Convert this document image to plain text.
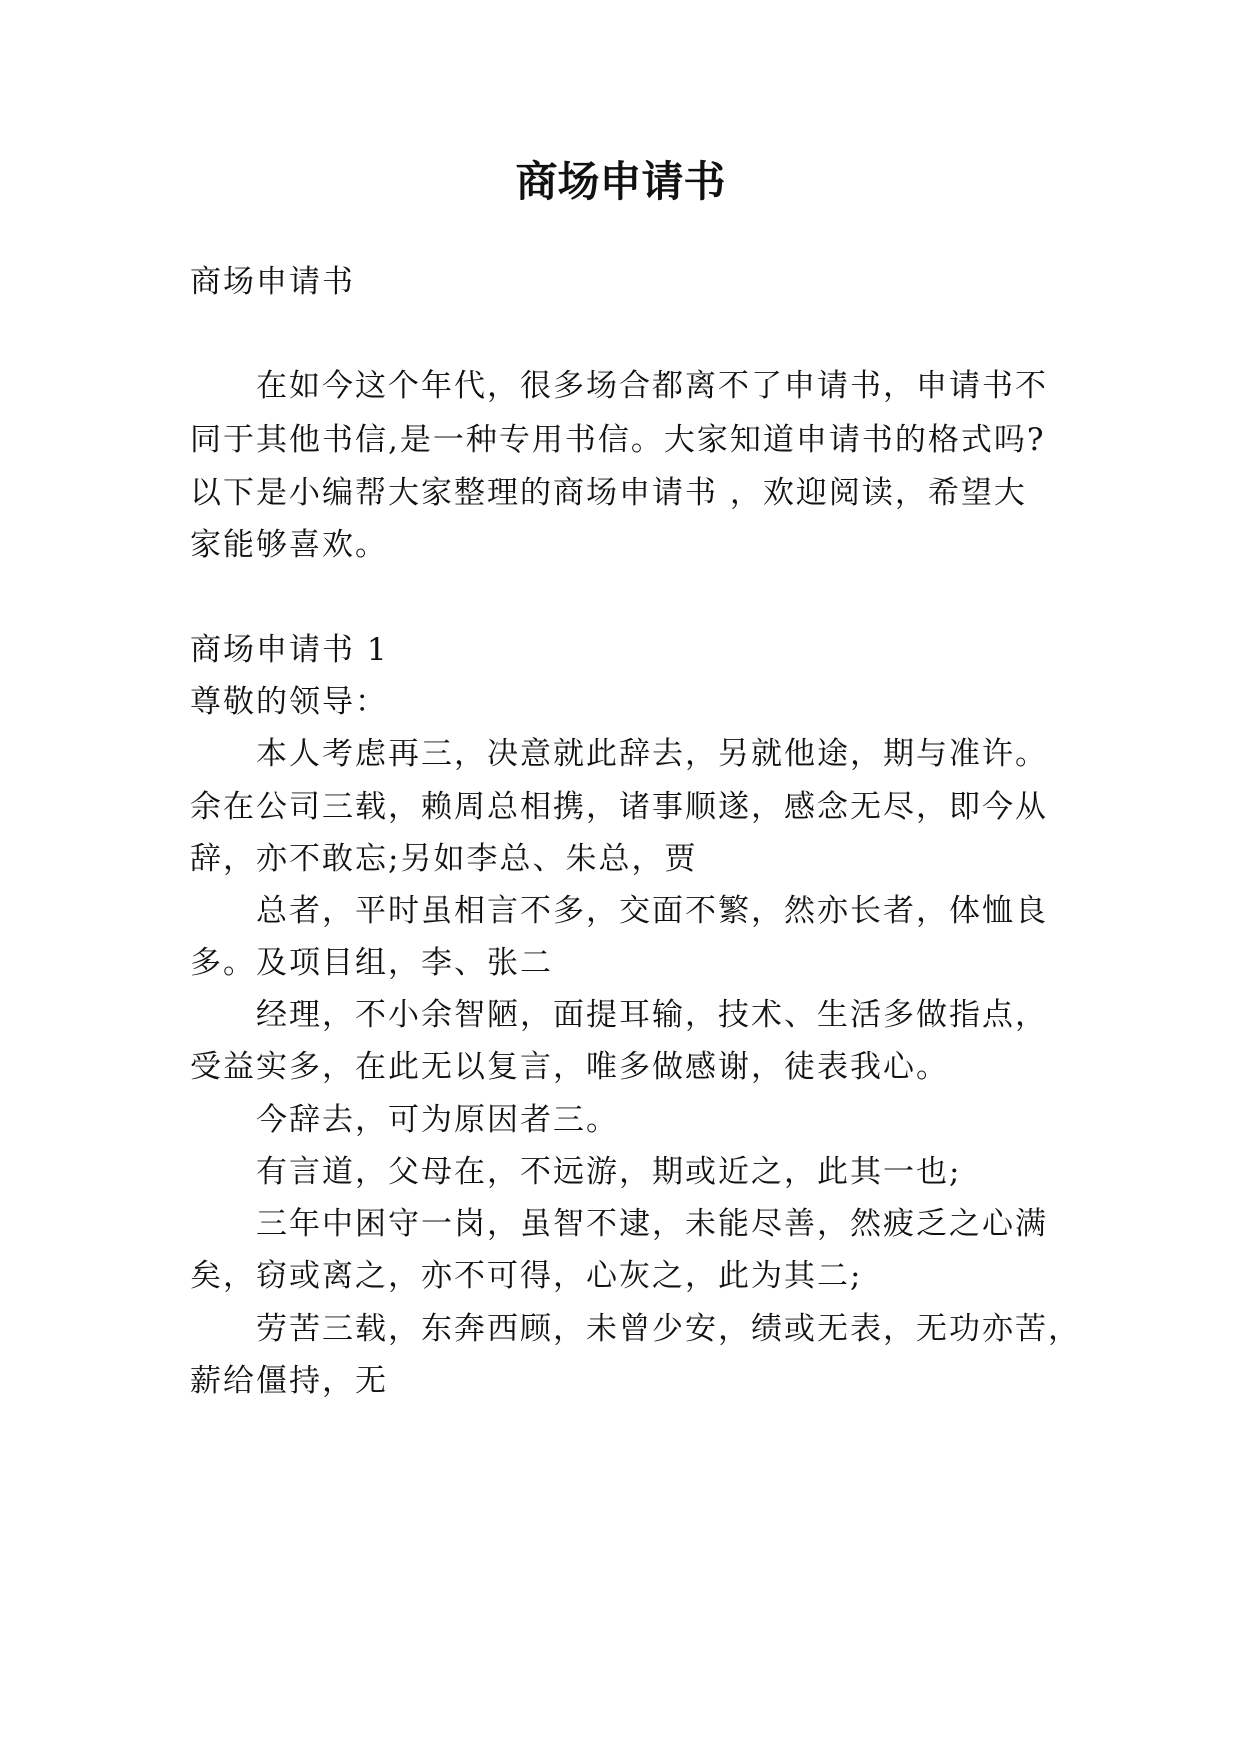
商场申请书
商场申请书
在如今这个年代，很多场合都离不了申请书，申请书不
同于其他书信,是一种专用书信。大家知道申请书的格式吗?
以下是小编帮大家整理的商场申请书 ，欢迎阅读，希望大
家能够喜欢。
商场申请书 1
尊敬的领导：
本人考虑再三，决意就此辞去，另就他途，期与准许。
余在公司三载，赖周总相携，诸事顺遂，感念无尽，即今从
辞，亦不敢忘;另如李总、朱总，贾
总者，平时虽相言不多，交面不繁，然亦长者，体恤良
多。及项目组，李、张二
经理，不小余智陋，面提耳输，技术、生活多做指点，
受益实多，在此无以复言，唯多做感谢，徒表我心。
今辞去，可为原因者三。
有言道，父母在，不远游，期或近之，此其一也;
三年中困守一岗，虽智不逮，未能尽善，然疲乏之心满
矣，窃或离之，亦不可得，心灰之，此为其二;
劳苦三载，东奔西顾，未曾少安，绩或无表，无功亦苦，
薪给僵持，无
